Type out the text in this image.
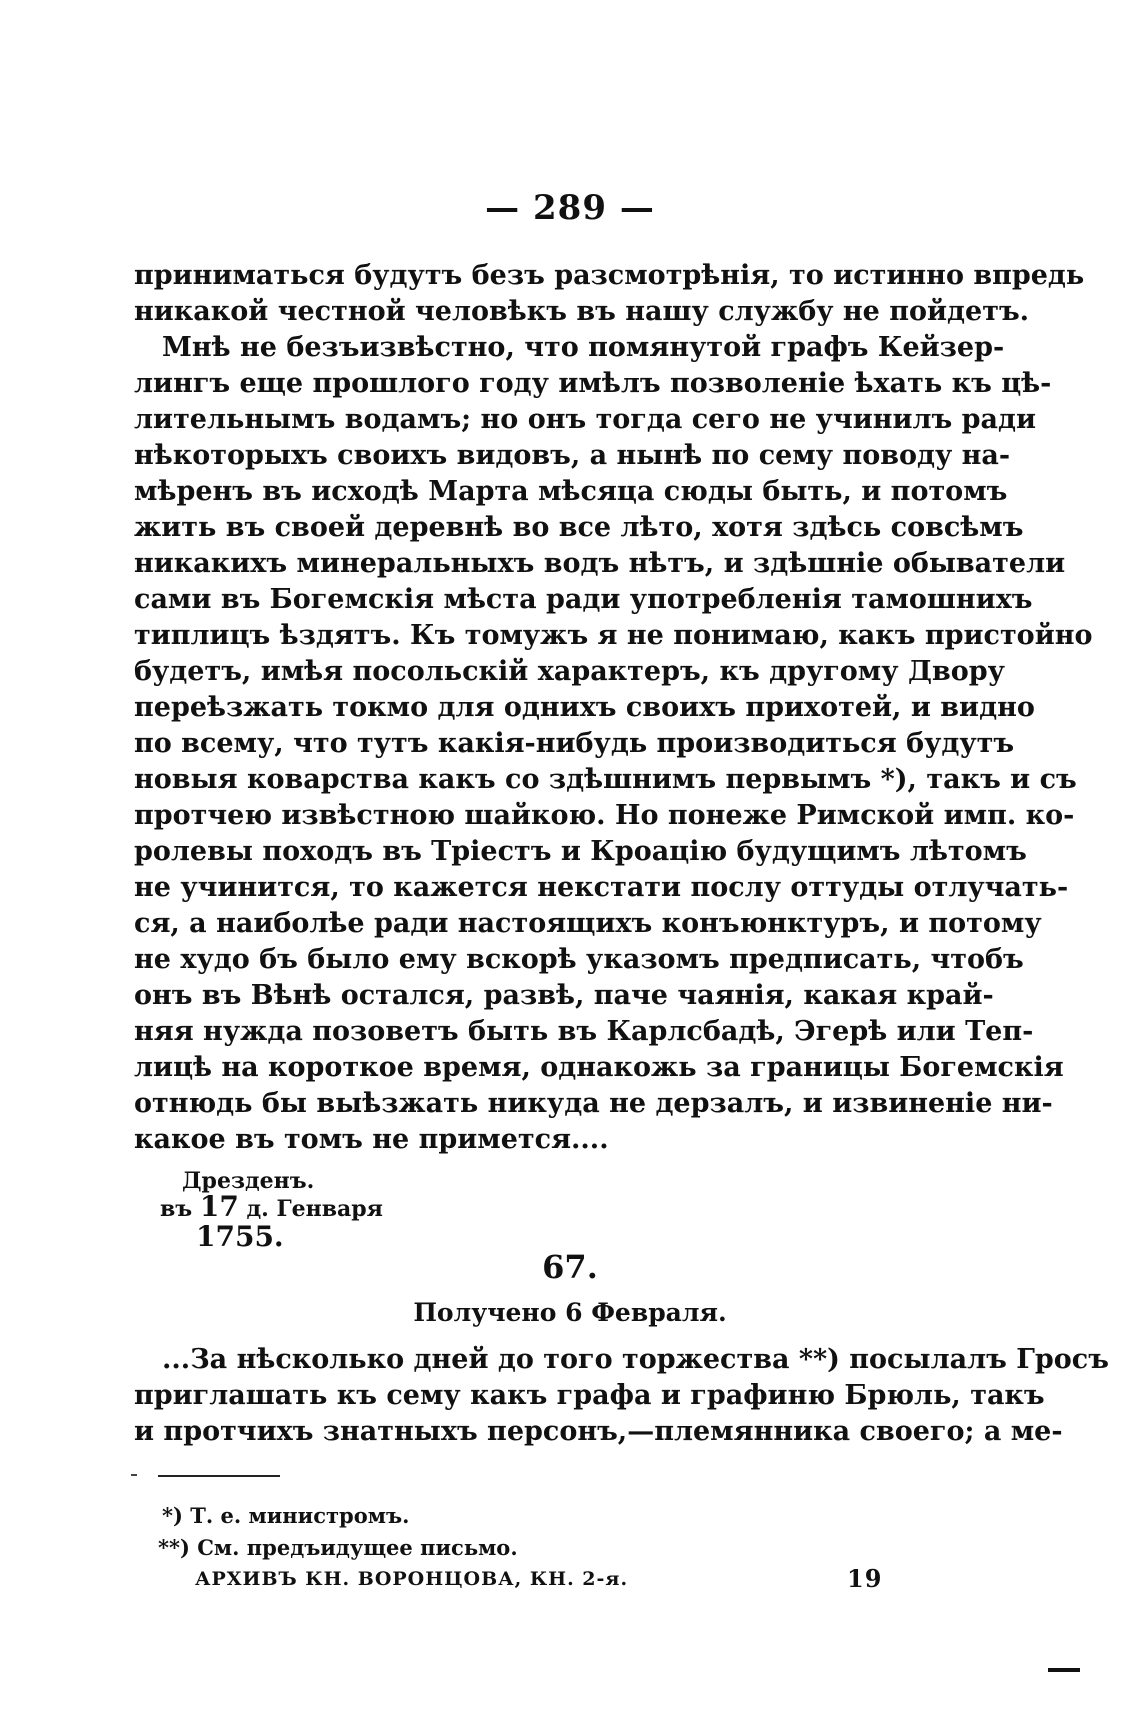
— 289 —
приниматься будутъ безъ разсмотрѣнія, то истинно впредь
никакой честной человѣкъ въ нашу службу не пойдетъ.
Мнѣ не безъизвѣстно, что помянутой графъ Кейзер-
лингъ еще прошлого году имѣлъ позволеніе ѣхать къ цѣ-
лительнымъ водамъ; но онъ тогда сего не учинилъ ради
нѣкоторыхъ своихъ видовъ, а нынѣ по сему поводу на-
мѣренъ въ исходѣ Марта мѣсяца сюды быть, и потомъ
жить въ своей деревнѣ во все лѣто, хотя здѣсь совсѣмъ
никакихъ минеральныхъ водъ нѣтъ, и здѣшніе обыватели
сами въ Богемскія мѣста ради употребленія тамошнихъ
типлицъ ѣздятъ. Къ томужъ я не понимаю, какъ пристойно
будетъ, имѣя посольскій характеръ, къ другому Двору
переѣзжать токмо для однихъ своихъ прихотей, и видно
по всему, что тутъ какія-нибудь производиться будутъ
новыя коварства какъ со здѣшнимъ первымъ *), такъ и съ
протчею извѣстною шайкою. Но понеже Римской имп. ко-
ролевы походъ въ Тріестъ и Кроацію будущимъ лѣтомъ
не учинится, то кажется некстати послу оттуды отлучать-
ся, а наиболѣе ради настоящихъ конъюнктуръ, и потому
не худо бъ было ему вскорѣ указомъ предписать, чтобъ
онъ въ Вѣнѣ остался, развѣ, паче чаянія, какая край-
няя нужда позоветъ быть въ Карлсбадѣ, Эгерѣ или Теп-
лицѣ на короткое время, однакожь за границы Богемскія
отнюдь бы выѣзжать никуда не дерзалъ, и извиненіе ни-
какое въ томъ не примется....
Дрезденъ.
въ 17 д. Генваря
1755.
67.
Получено 6 Февраля.
...За нѣсколько дней до того торжества **) посылалъ Гросъ
приглашать къ сему какъ графа и графиню Брюль, такъ
и протчихъ знатныхъ персонъ,—племянника своего; а ме-
*) Т. е. министромъ.
**) См. предъидущее письмо.
АРХИВЪ КН. ВОРОНЦОВА, КН. 2-я.	19
